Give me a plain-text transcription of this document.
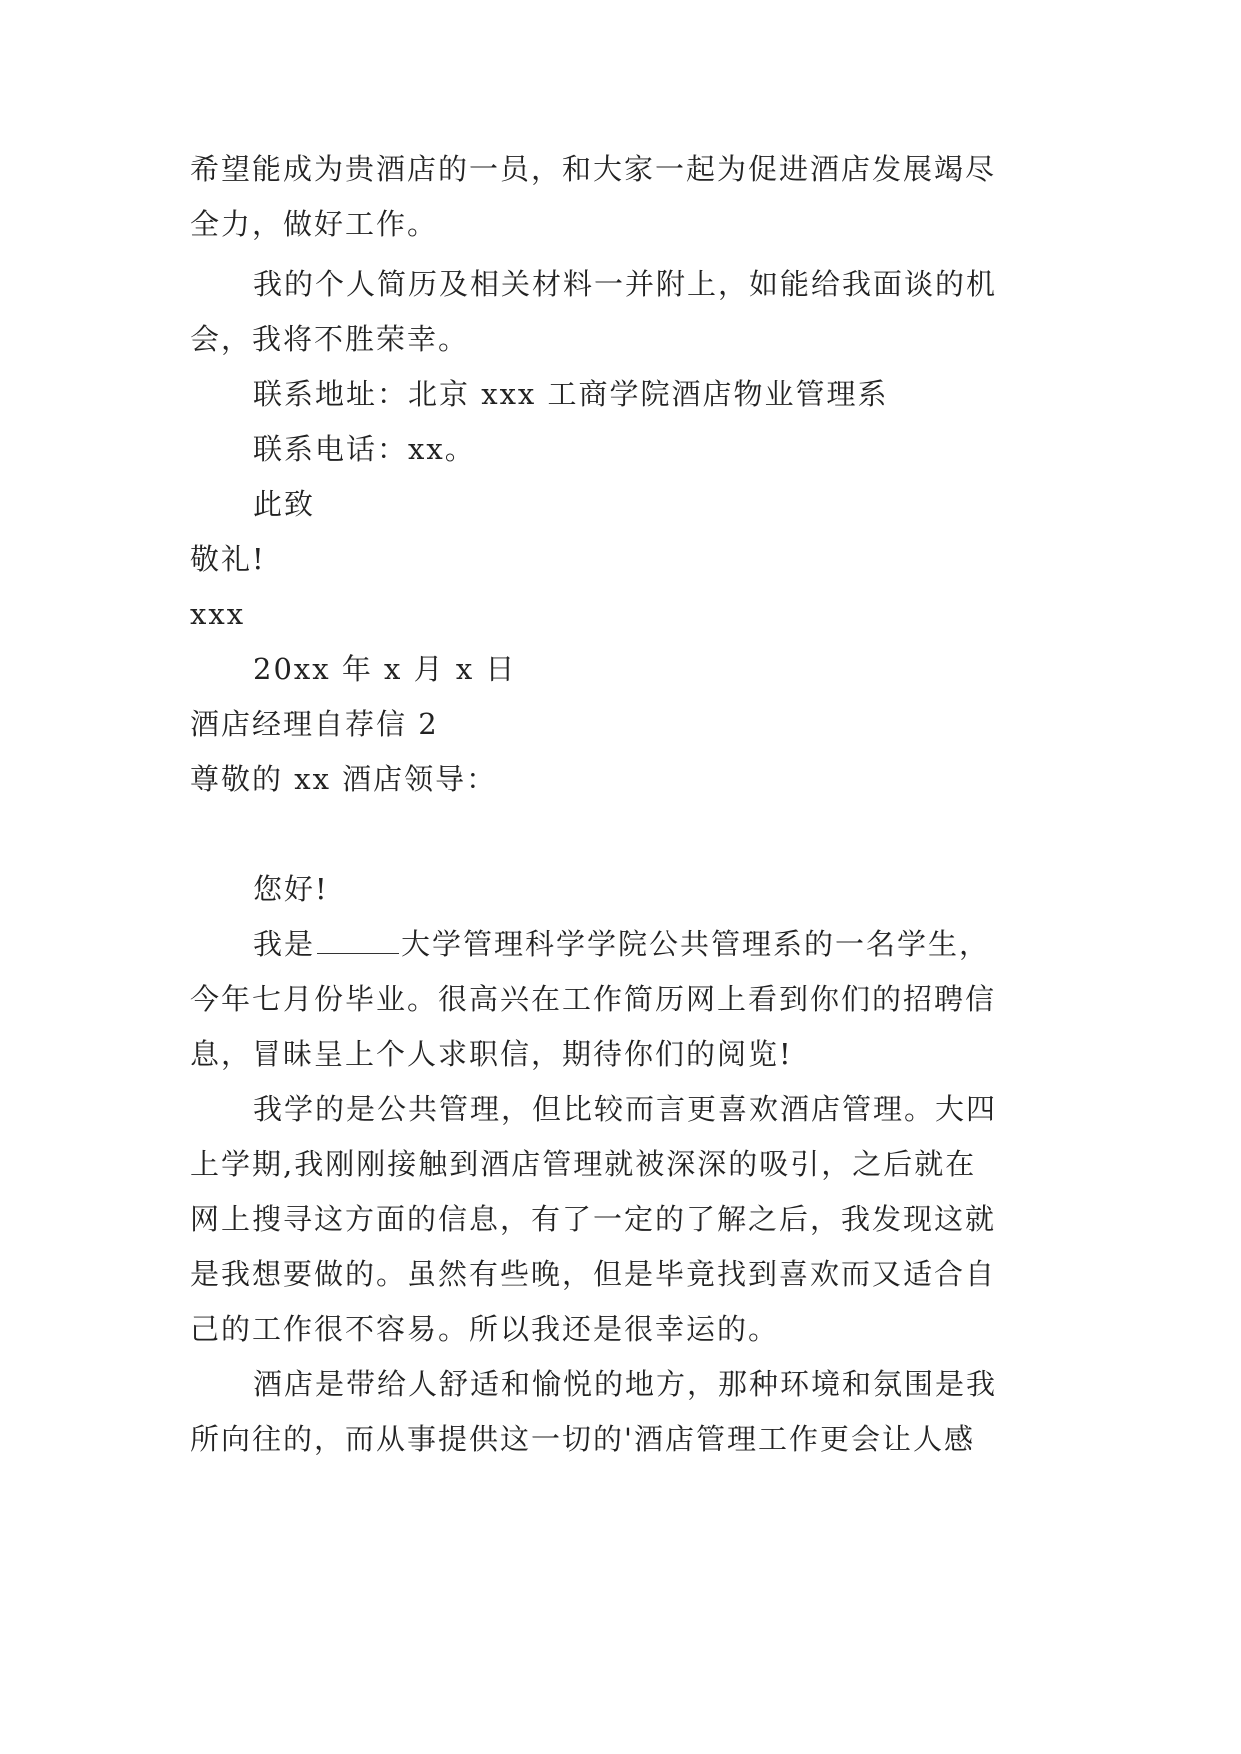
希望能成为贵酒店的一员，和大家一起为促进酒店发展竭尽
全力，做好工作。
我的个人简历及相关材料一并附上，如能给我面谈的机
会，我将不胜荣幸。
联系地址：北京 xxx 工商学院酒店物业管理系
联系电话：xx。
此致
敬礼!
xxx
20xx 年 x 月 x 日
酒店经理自荐信 2
尊敬的 xx 酒店领导：
您好!
我是	大学管理科学学院公共管理系的一名学生，
今年七月份毕业。很高兴在工作简历网上看到你们的招聘信
息，冒昧呈上个人求职信，期待你们的阅览!
我学的是公共管理，但比较而言更喜欢酒店管理。大四
上学期,我刚刚接触到酒店管理就被深深的吸引，之后就在
网上搜寻这方面的信息，有了一定的了解之后，我发现这就
是我想要做的。虽然有些晚，但是毕竟找到喜欢而又适合自
己的工作很不容易。所以我还是很幸运的。
酒店是带给人舒适和愉悦的地方，那种环境和氛围是我
所向往的，而从事提供这一切的'酒店管理工作更会让人感
